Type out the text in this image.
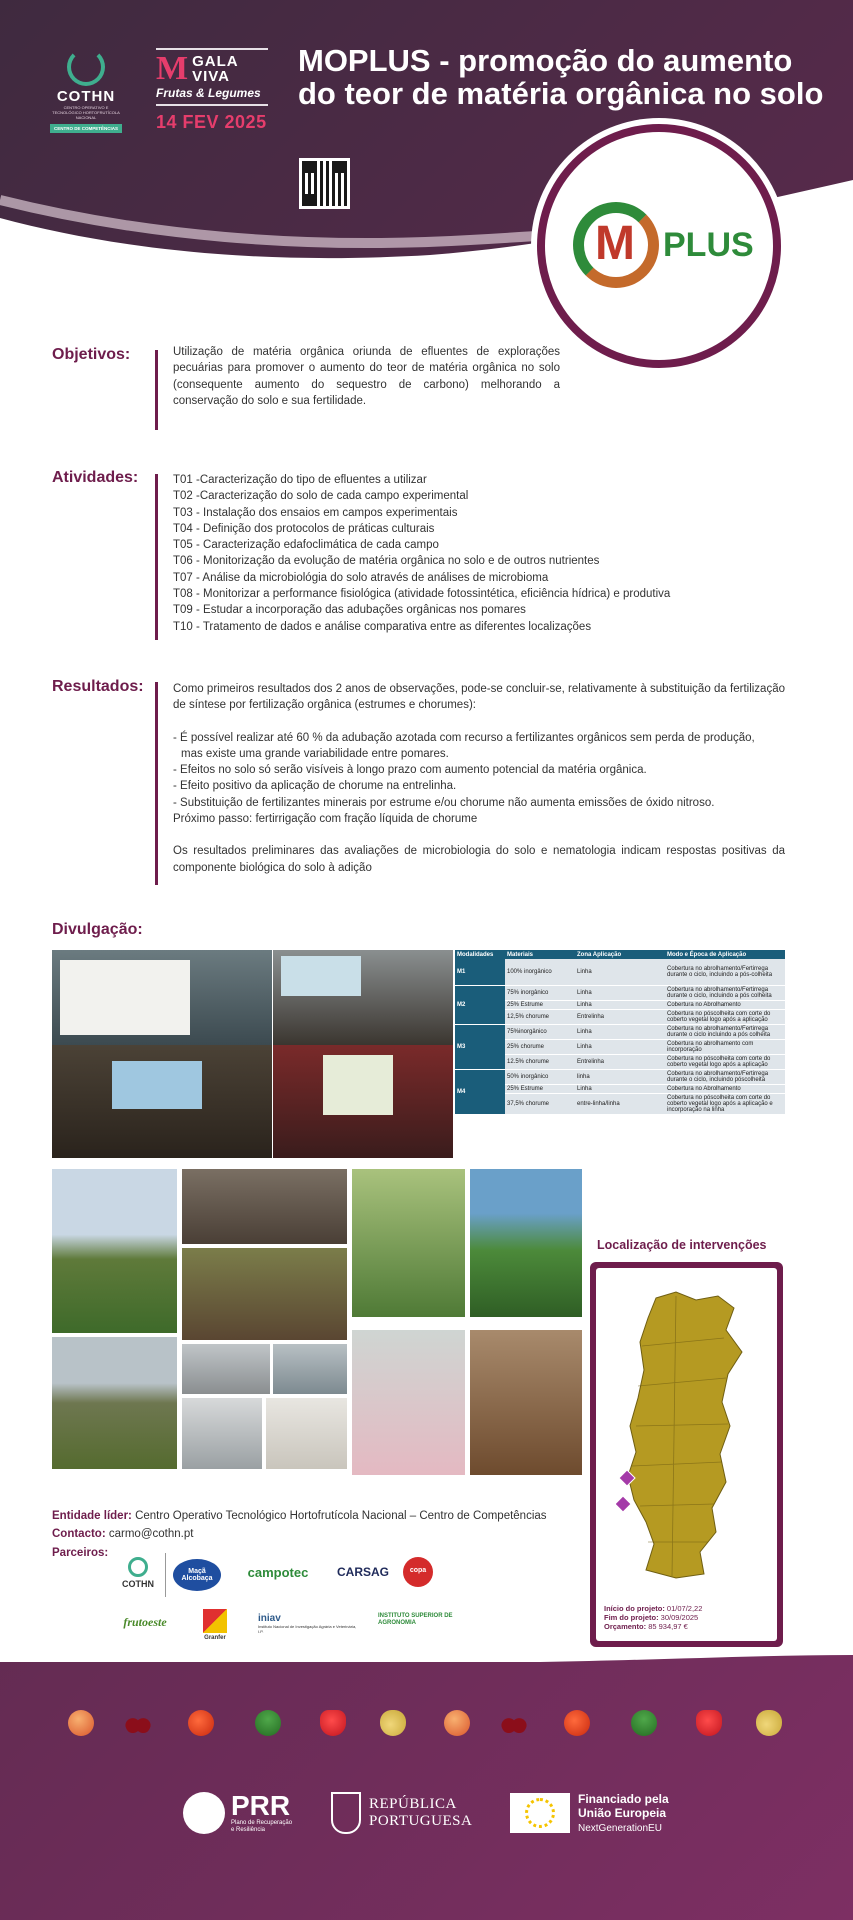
COTHN
CENTRO OPERATIVO E TECNOLÓGICO HORTOFRUTÍCOLA NACIONAL
CENTRO DE COMPETÊNCIAS
M GALA
VIVA
Frutas & Legumes
14 FEV 2025
MOPLUS - promoção do aumento do teor de matéria orgânica no solo
M PLUS
Objetivos:	Utilização de matéria orgânica oriunda de efluentes de explorações pecuárias para promover o aumento do teor de matéria orgânica no solo (consequente aumento do sequestro de carbono) melhorando a conservação do solo e sua fertilidade.
Atividades:	T01 -Caracterização do tipo de efluentes a utilizar
T02 -Caracterização do solo de cada campo experimental
T03 - Instalação dos ensaios em campos experimentais
T04 - Definição dos protocolos de práticas culturais
T05 - Caracterização edafoclimática de cada campo
T06 - Monitorização da evolução de matéria orgânica no solo e de outros nutrientes
T07 - Análise da microbiológia do solo através de análises de microbioma
T08 - Monitorizar a performance fisiológica (atividade fotossintética, eficiência hídrica) e produtiva
T09 - Estudar a incorporação das adubações orgânicas nos pomares
T10 - Tratamento de dados e análise comparativa entre as diferentes localizações
Resultados:	Como primeiros resultados dos 2 anos de observações, pode-se concluir-se, relativamente à substituição da fertilização de síntese por fertilização orgânica (estrumes e chorumes):
- É possível realizar até 60 % da adubação azotada com recurso a fertilizantes orgânicos sem perda de produção,
mas existe uma grande variabilidade entre pomares.
- Efeitos no solo só serão visíveis à longo prazo com aumento potencial da matéria orgânica.
- Efeito positivo da aplicação de chorume na entrelinha.
- Substituição de fertilizantes minerais por estrume e/ou chorume não aumenta emissões de óxido nitroso.
Próximo passo: fertirrigação com fração líquida de chorume
Os resultados preliminares das avaliações de microbiologia do solo e nematologia indicam respostas positivas da componente biológica do solo à adição
Divulgação:
Modalidades	Materiais	Zona Aplicação	Modo e Época de Aplicação
M1	100% inorgânico	Linha	Cobertura no abrolhamento/Fertirrega durante o ciclo, incluindo a pós-colheita
M2	75% inorgânico	Linha	Cobertura no abrolhamento/Fertirrega durante o ciclo, incluindo a pós colheita
	25% Estrume	Linha	Cobertura no Abrolhamento
	12,5% chorume	Entrelinha	Cobertura no póscolheita com corte do coberto vegetal logo após a aplicação
M3	75%inorgânico	Linha	Cobertura no abrolhamento/Fertirrega durante o ciclo incluindo a pós colheita
	25% chorume	Linha	Cobertura no abrolhamento com incorporação
	12.5% chorume	Entrelinha	Cobertura no póscolheita com corte do coberto vegetal logo após a aplicação
M4	50% inorgânico	linha	Cobertura no abrolhamento/Fertirrega durante o ciclo, incluindo póscolheita
	25% Estrume	Linha	Cobertura no Abrolhamento
	37,5% chorume	entre-linha/linha	Cobertura no póscolheita com corte do coberto vegetal logo após a aplicação e incorporação na linha
Localização de intervenções
Início do projeto: 01/07/2,22
Fim do projeto: 30/09/2025
Orçamento: 85 934,97 €
Entidade líder: Centro Operativo Tecnológico Hortofrutícola Nacional – Centro de Competências
Contacto: carmo@cothn.pt
Parceiros:
COTHN
Maçã Alcobaça	campotec	CARSAG	copa
frutoeste
Granfer
iniav
Instituto Nacional de Investigação Agrária e Veterinária, I.P.
INSTITUTO SUPERIOR DE AGRONOMIA
PRR
Plano de Recuperação
e Resiliência
REPÚBLICA
PORTUGUESA
Financiado pela
União Europeia
NextGenerationEU
